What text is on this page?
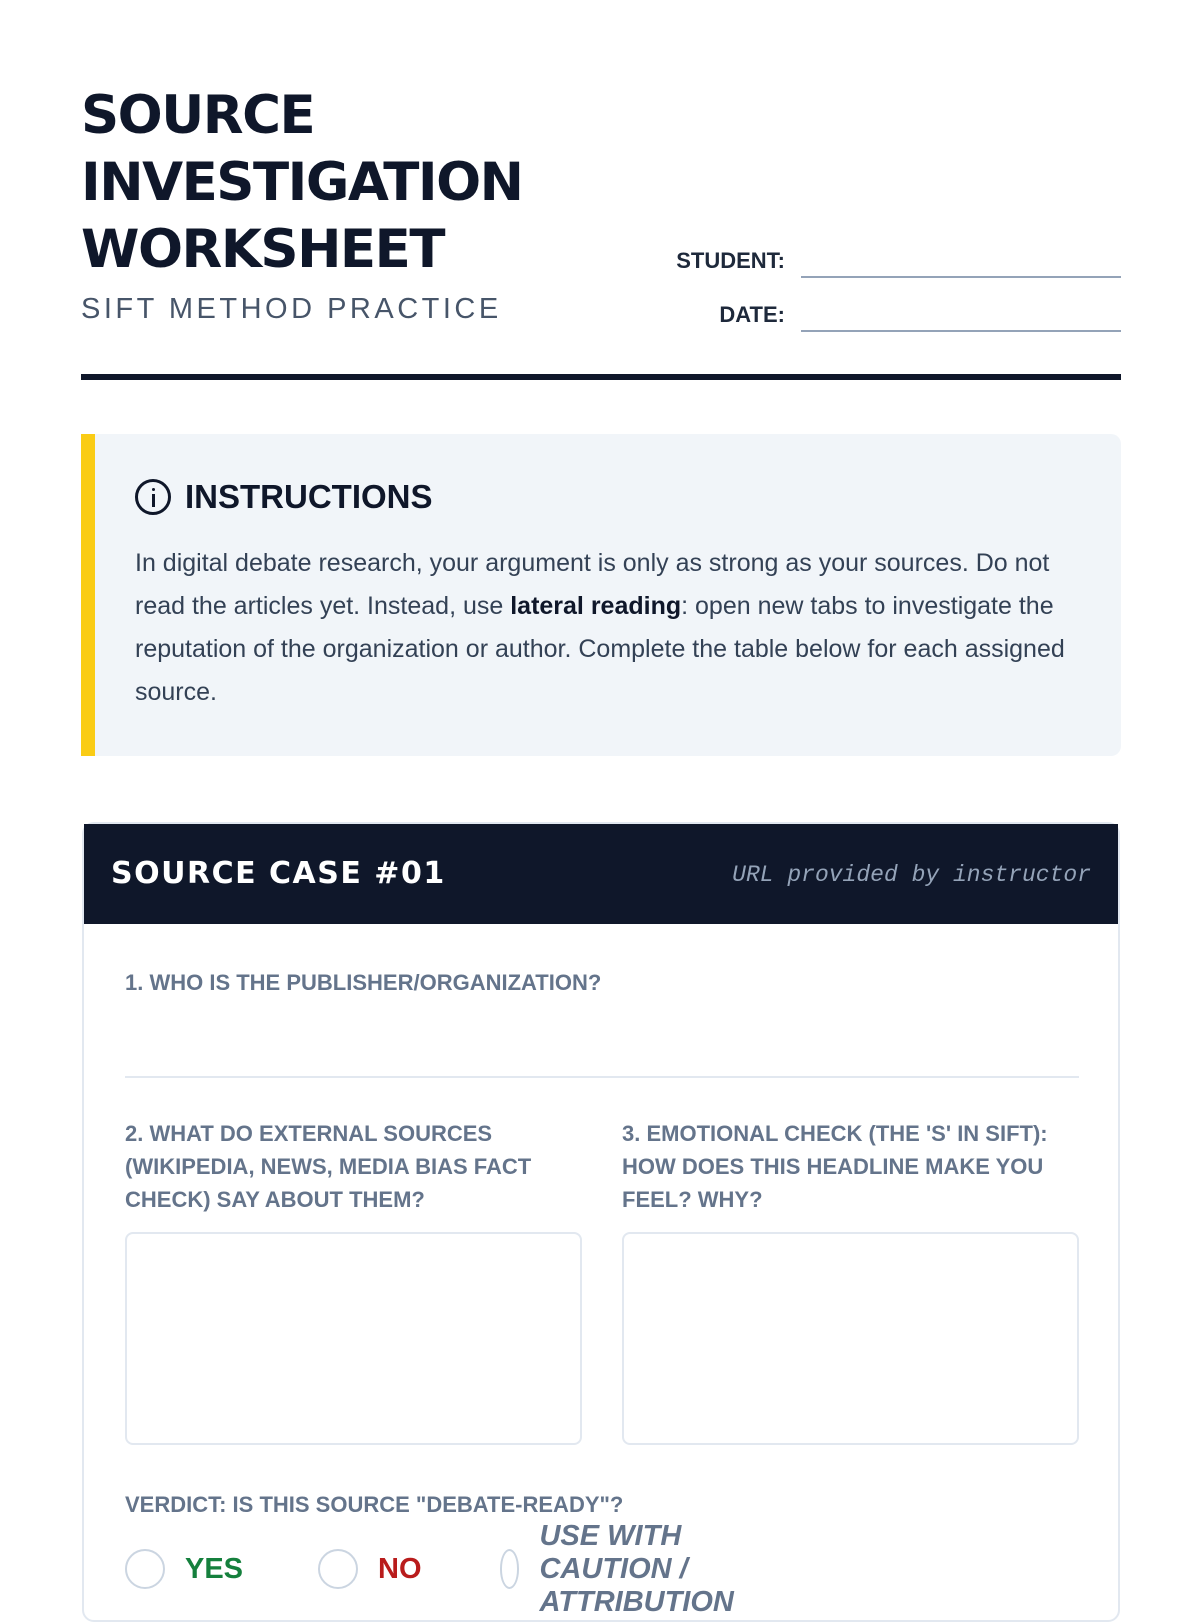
SOURCE
INVESTIGATION
WORKSHEET
SIFT METHOD PRACTICE
STUDENT:
DATE:
INSTRUCTIONS

In digital debate research, your argument is only as strong as your sources. Do not read the articles yet. Instead, use lateral reading: open new tabs to investigate the reputation of the organization or author. Complete the table below for each assigned source.

SOURCE CASE #01	URL provided by instructor
1. WHO IS THE PUBLISHER/ORGANIZATION?
2. WHAT DO EXTERNAL SOURCES (WIKIPEDIA, NEWS, MEDIA BIAS FACT CHECK) SAY ABOUT THEM?
3. EMOTIONAL CHECK (THE 'S' IN SIFT): HOW DOES THIS HEADLINE MAKE YOU FEEL? WHY?
VERDICT: IS THIS SOURCE "DEBATE-READY"?
YES	NO
USE WITH CAUTION / ATTRIBUTION
